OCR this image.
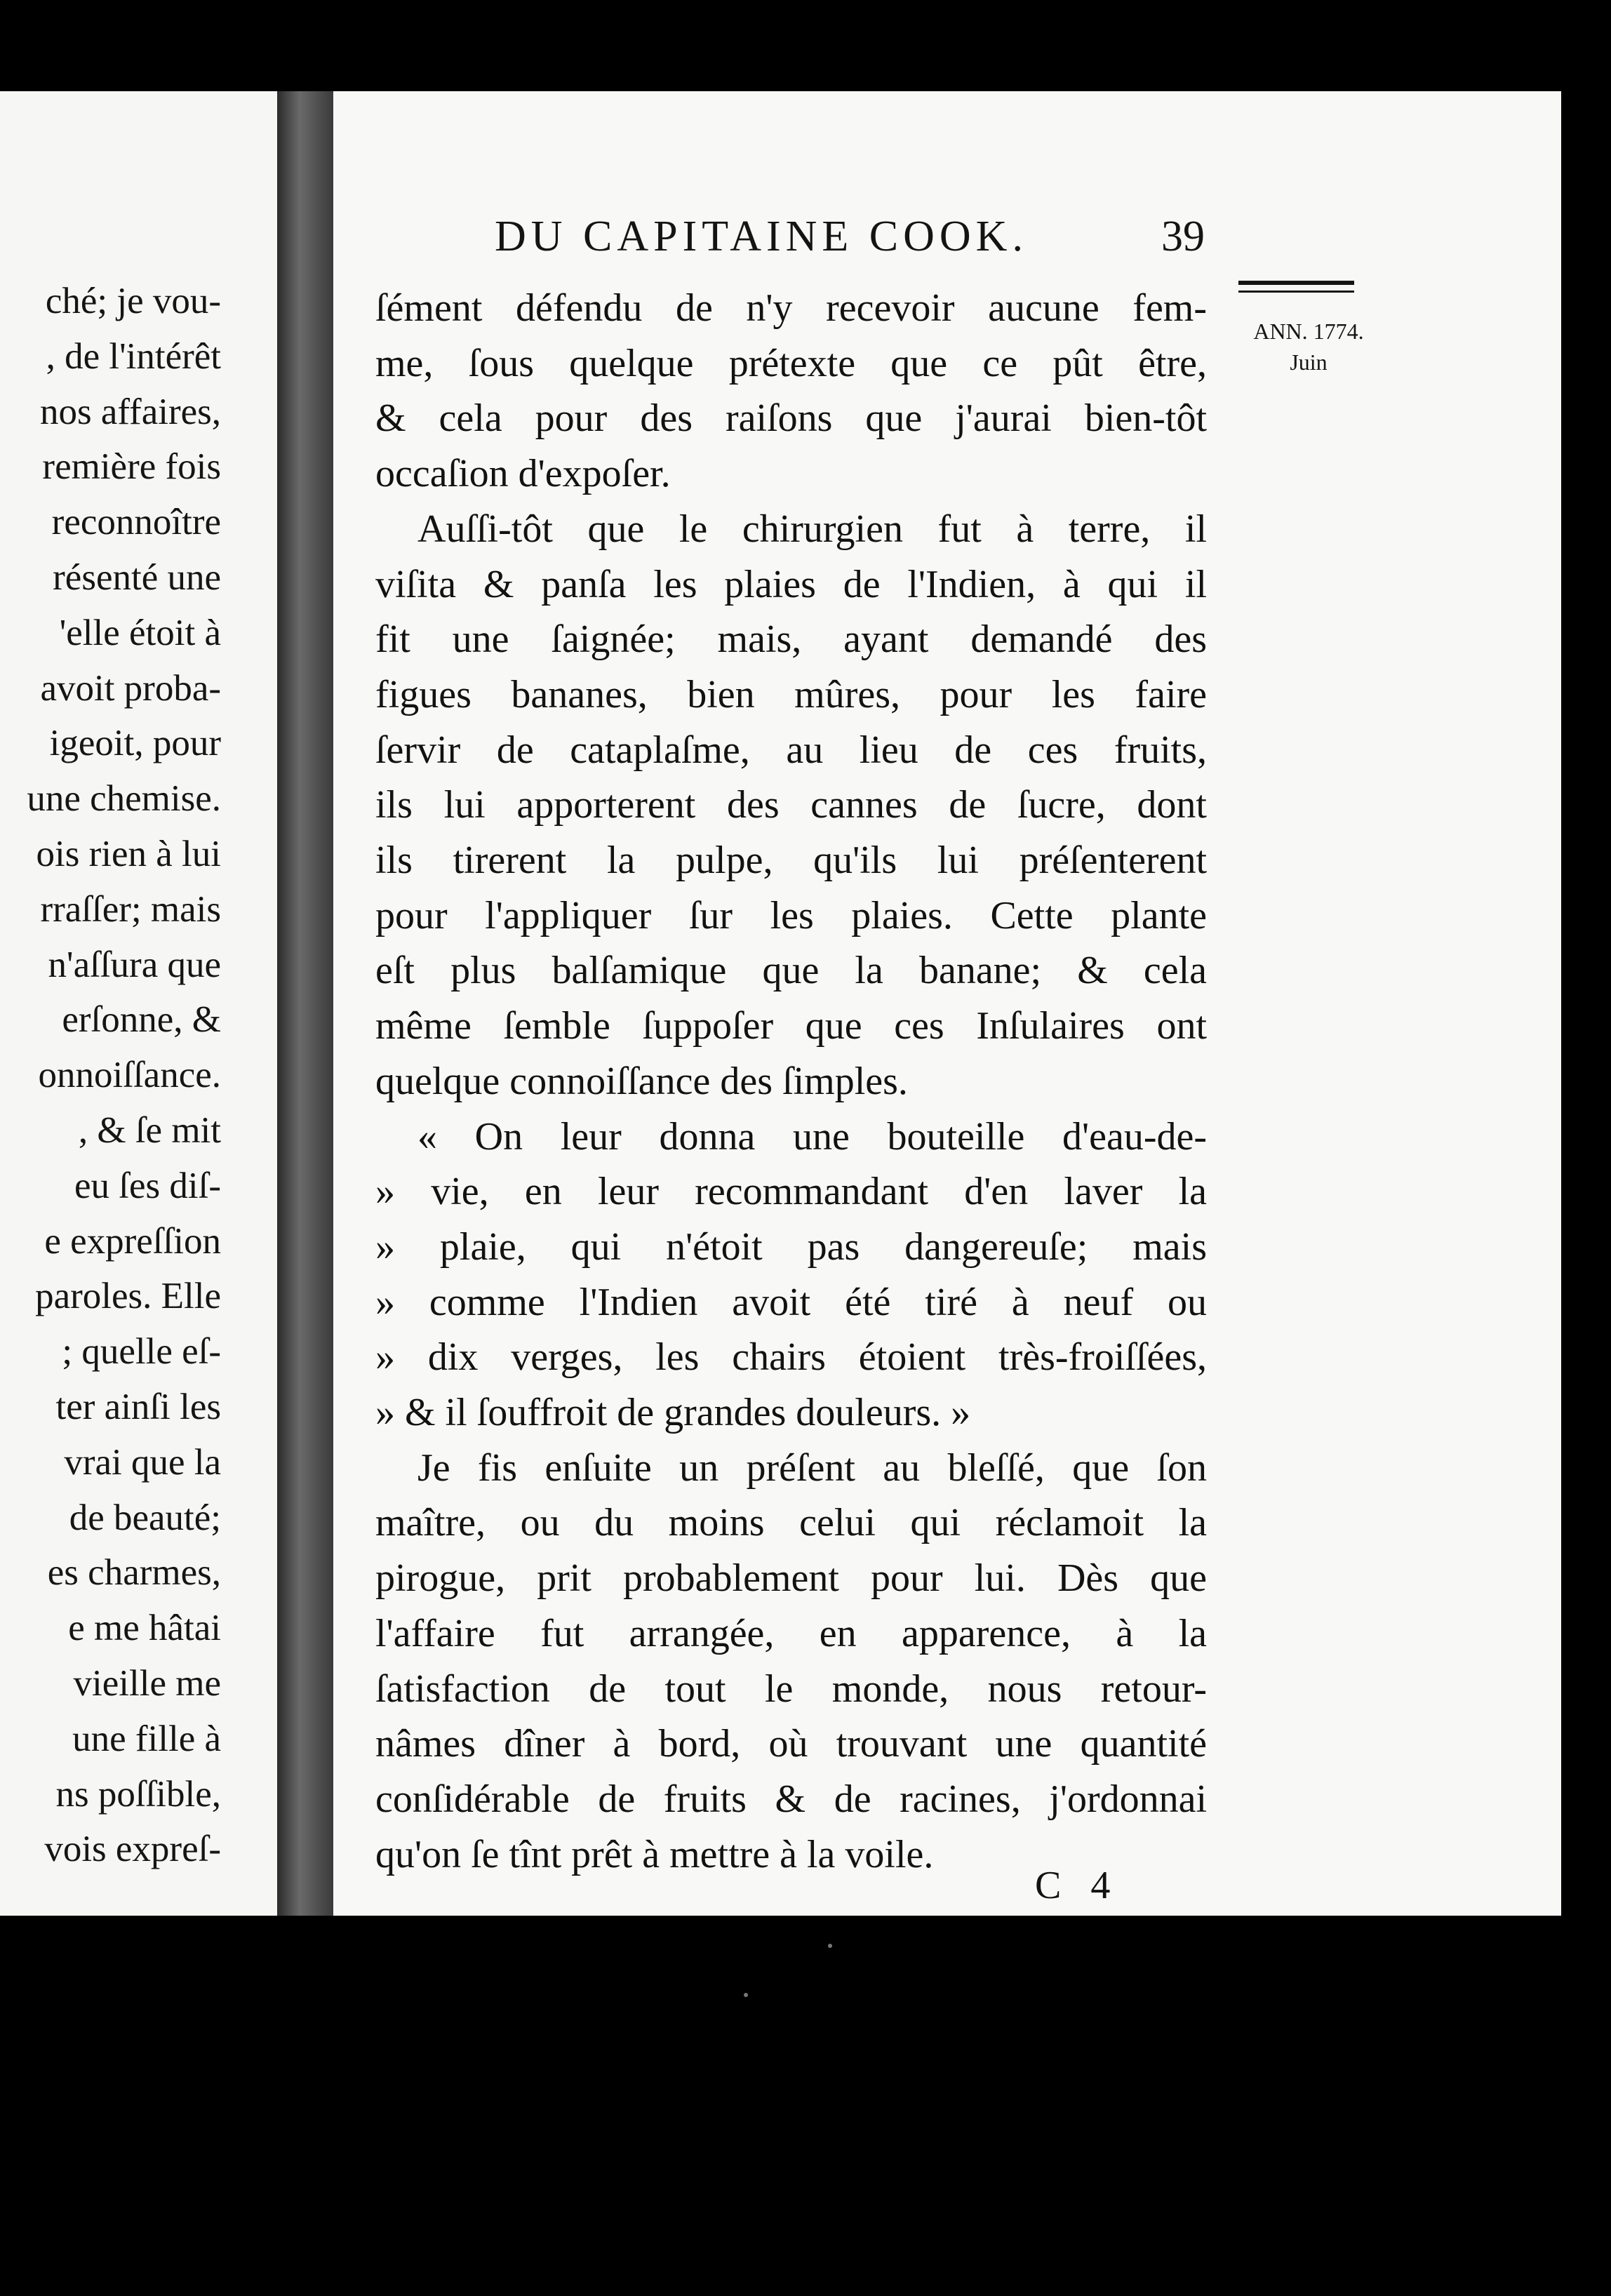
ché; je vou-
, de l'intérêt
nos affaires,
remière fois
reconnoître
résenté une
'elle étoit à
avoit proba-
igeoit, pour
une chemise.
ois rien à lui
rraſſer; mais
n'aſſura que
erſonne, &
onnoiſſance.
, & ſe mit
eu ſes diſ-
e expreſſion
paroles. Elle
; quelle eſ-
ter ainſi les
vrai que la
de beauté;
es charmes,
e me hâtai
vieille me
une fille à
ns poſſible,
vois expreſ-
DU CAPITAINE COOK.	39
ANN. 1774.
Juin
ſément défendu de n'y recevoir aucune fem-
me, ſous quelque prétexte que ce pût être,
& cela pour des raiſons que j'aurai bien-tôt
occaſion d'expoſer.
Auſſi-tôt que le chirurgien fut à terre, il
viſita & panſa les plaies de l'Indien, à qui il
fit une ſaignée; mais, ayant demandé des
figues bananes, bien mûres, pour les faire
ſervir de cataplaſme, au lieu de ces fruits,
ils lui apporterent des cannes de ſucre, dont
ils tirerent la pulpe, qu'ils lui préſenterent
pour l'appliquer ſur les plaies. Cette plante
eſt plus balſamique que la banane; & cela
même ſemble ſuppoſer que ces Inſulaires ont
quelque connoiſſance des ſimples.
« On leur donna une bouteille d'eau-de-
» vie, en leur recommandant d'en laver la
» plaie, qui n'étoit pas dangereuſe; mais
» comme l'Indien avoit été tiré à neuf ou
» dix verges, les chairs étoient très-froiſſées,
» & il ſouffroit de grandes douleurs. »
Je fis enſuite un préſent au bleſſé, que ſon
maître, ou du moins celui qui réclamoit la
pirogue, prit probablement pour lui. Dès que
l'affaire fut arrangée, en apparence, à la
ſatisfaction de tout le monde, nous retour-
nâmes dîner à bord, où trouvant une quantité
conſidérable de fruits & de racines, j'ordonnai
qu'on ſe tînt prêt à mettre à la voile.
C 4
